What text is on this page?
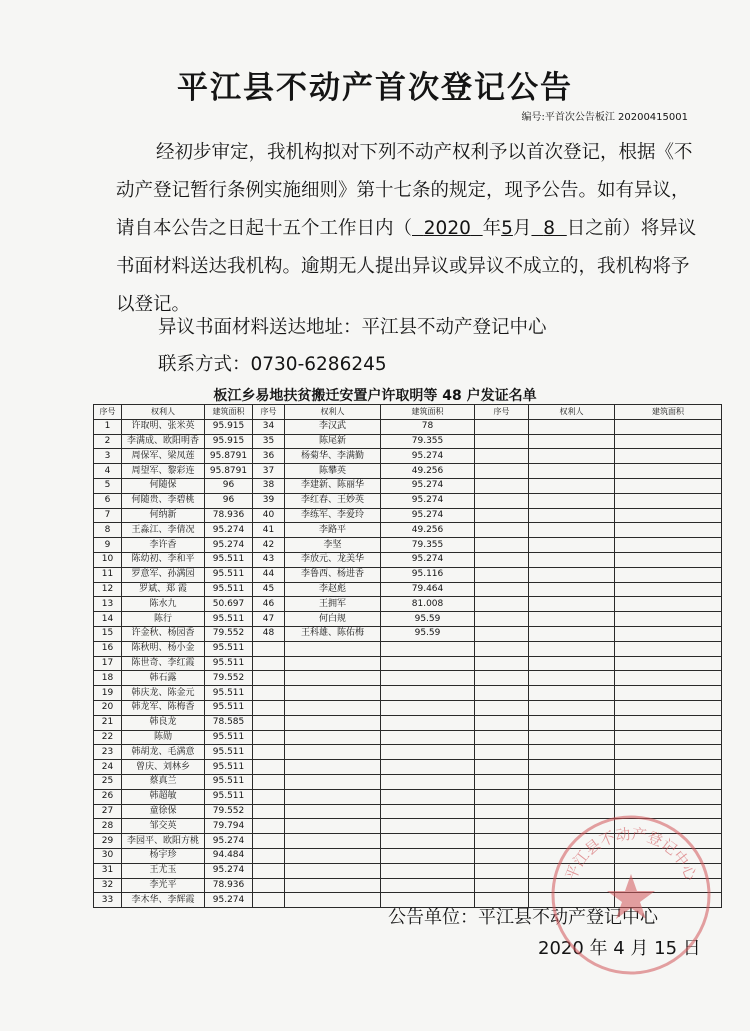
平江县不动产首次登记公告
编号:平首次公告板江 20200415001
经初步审定，我机构拟对下列不动产权利予以首次登记，根据《不动产登记暂行条例实施细则》第十七条的规定，现予公告。如有异议，请自本公告之日起十五个工作日内（ 2020 年5月 8 日之前）将异议书面材料送达我机构。逾期无人提出异议或异议不成立的，我机构将予以登记。
异议书面材料送达地址：平江县不动产登记中心
联系方式：0730-6286245
板江乡易地扶贫搬迁安置户许取明等 48 户发证名单
序号	权利人	建筑面积	序号	权利人	建筑面积	序号	权利人	建筑面积
1	许取明、张米英	95.915	34	李汉武	78			
2	李满成、欧阳明香	95.915	35	陈尾新	79.355			
3	周保军、梁凤莲	95.8791	36	杨菊华、李满勤	95.274			
4	周望军、黎彩连	95.8791	37	陈攀英	49.256			
5	何随保	96	38	李建新、陈丽华	95.274			
6	何随贵、李碧桃	96	39	李红春、王妙英	95.274			
7	何纳新	78.936	40	李练军、李爱玲	95.274			
8	王淼江、李倩况	95.274	41	李路平	49.256			
9	李许香	95.274	42	李坚	79.355			
10	陈幼初、李和平	95.511	43	李放元、龙美华	95.274			
11	罗意军、孙满园	95.511	44	李鲁西、杨进香	95.116			
12	罗斌、郑 霞	95.511	45	李赵彪	79.464			
13	陈水九	50.697	46	王拥军	81.008			
14	陈行	95.511	47	何白规	95.59			
15	许金秋、杨园香	79.552	48	王科雄、陈佑梅	95.59			
16	陈秋明、杨小金	95.511						
17	陈世奇、李红霞	95.511						
18	韩石露	79.552						
19	韩庆龙、陈金元	95.511						
20	韩龙军、陈梅香	95.511						
21	韩良龙	78.585						
22	陈勋	95.511						
23	韩胡龙、毛满意	95.511						
24	曾庆、刘林乡	95.511						
25	蔡真兰	95.511						
26	韩超敏	95.511						
27	童徐保	79.552						
28	邹交英	79.794						
29	李园平、欧阳方桃	95.274						
30	杨宇珍	94.484						
31	王尤玉	95.274						
32	李光平	78.936						
33	李木华、李辉霞	95.274						
公告单位：平江县不动产登记中心
2020 年 4 月 15 日
平江县不动产登记中心
